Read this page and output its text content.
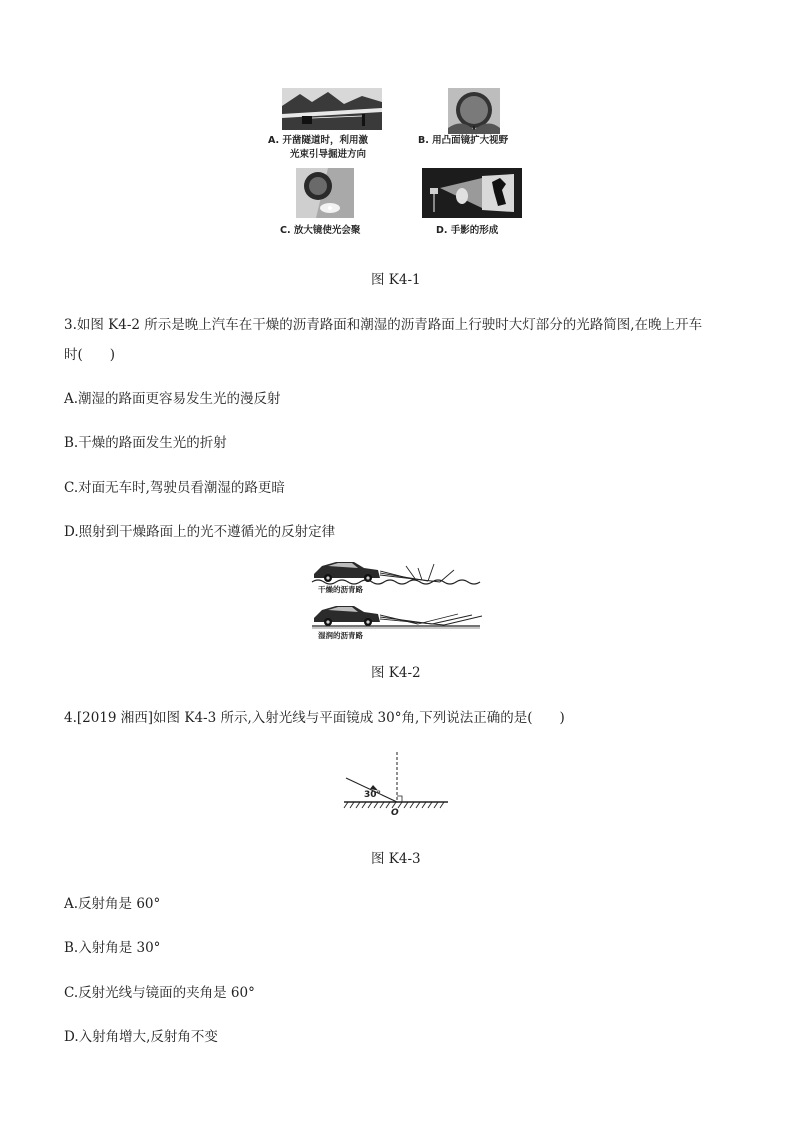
A. 开凿隧道时，利用激
光束引导掘进方向
B. 用凸面镜扩大视野
C. 放大镜使光会聚	D. 手影的形成
图 K4-1
3.如图 K4-2 所示是晚上汽车在干燥的沥青路面和潮湿的沥青路面上行驶时大灯部分的光路简图,在晚上开车
时(　　)
A.潮湿的路面更容易发生光的漫反射
B.干燥的路面发生光的折射
C.对面无车时,驾驶员看潮湿的路更暗
D.照射到干燥路面上的光不遵循光的反射定律
干燥的沥青路
湿润的沥青路
图 K4-2
4.[2019 湘西]如图 K4-3 所示,入射光线与平面镜成 30°角,下列说法正确的是(　　)
30°
O
图 K4-3
A.反射角是 60°
B.入射角是 30°
C.反射光线与镜面的夹角是 60°
D.入射角增大,反射角不变
